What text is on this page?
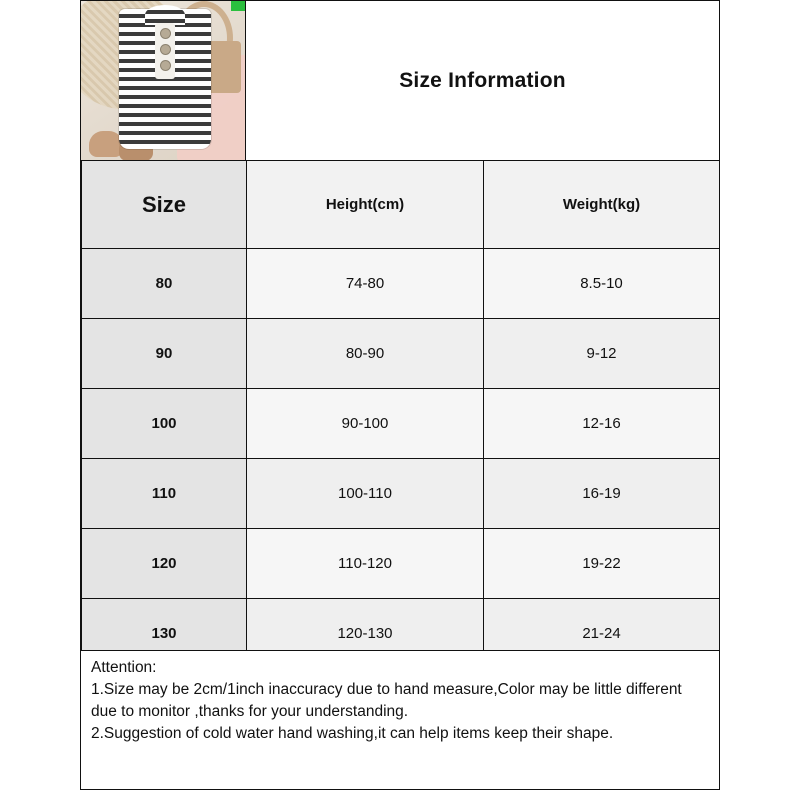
Size Information
Size	Height(cm)	Weight(kg)
80	74-80	8.5-10
90	80-90	9-12
100	90-100	12-16
110	100-110	16-19
120	110-120	19-22
130	120-130	21-24
Attention:
1.Size may be 2cm/1inch inaccuracy due to hand measure,Color may be little different due to monitor ,thanks for your understanding.
2.Suggestion of cold water hand washing,it can help items keep their shape.
